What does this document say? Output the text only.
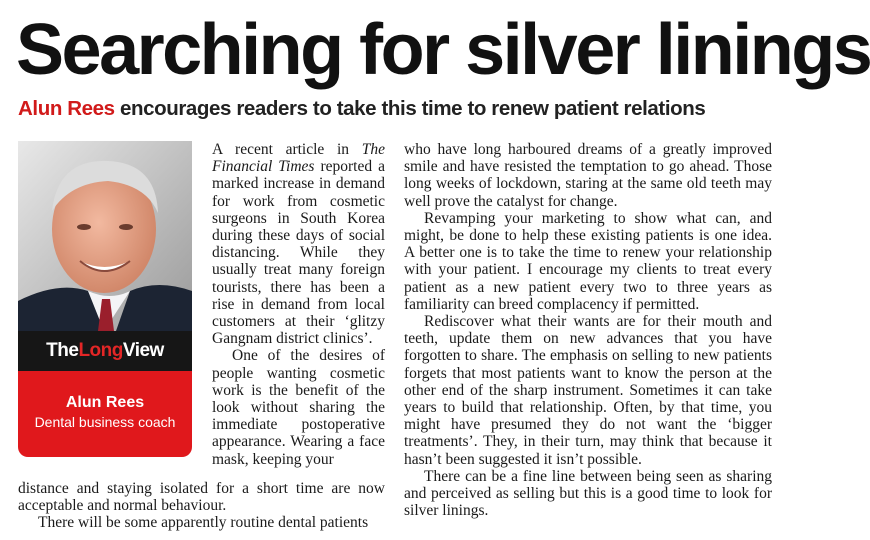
Searching for silver linings
Alun Rees encourages readers to take this time to renew patient relations
TheLongView
Alun Rees
Dental business coach

A recent article in The Financial Times reported a marked increase in demand for work from cosmetic surgeons in South Korea during these days of social distancing. While they usually treat many foreign tourists, there has been a rise in demand from local customers at their ‘glitzy Gangnam district clinics’.

One of the desires of people wanting cosmetic work is the benefit of the look without sharing the immediate postoperative appearance. Wearing a face mask, keeping your

distance and staying isolated for a short time are now acceptable and normal behaviour.

There will be some apparently routine dental patients

who have long harboured dreams of a greatly improved smile and have resisted the temptation to go ahead. Those long weeks of lockdown, staring at the same old teeth may well prove the catalyst for change.

Revamping your marketing to show what can, and might, be done to help these existing patients is one idea. A better one is to take the time to renew your relationship with your patient. I encourage my clients to treat every patient as a new patient every two to three years as familiarity can breed complacency if permitted.

Rediscover what their wants are for their mouth and teeth, update them on new advances that you have forgotten to share. The emphasis on selling to new patients forgets that most patients want to know the person at the other end of the sharp instrument. Sometimes it can take years to build that relationship. Often, by that time, you might have presumed they do not want the ‘bigger treatments’. They, in their turn, may think that because it hasn’t been suggested it isn’t possible.

There can be a fine line between being seen as sharing and perceived as selling but this is a good time to look for silver linings.
